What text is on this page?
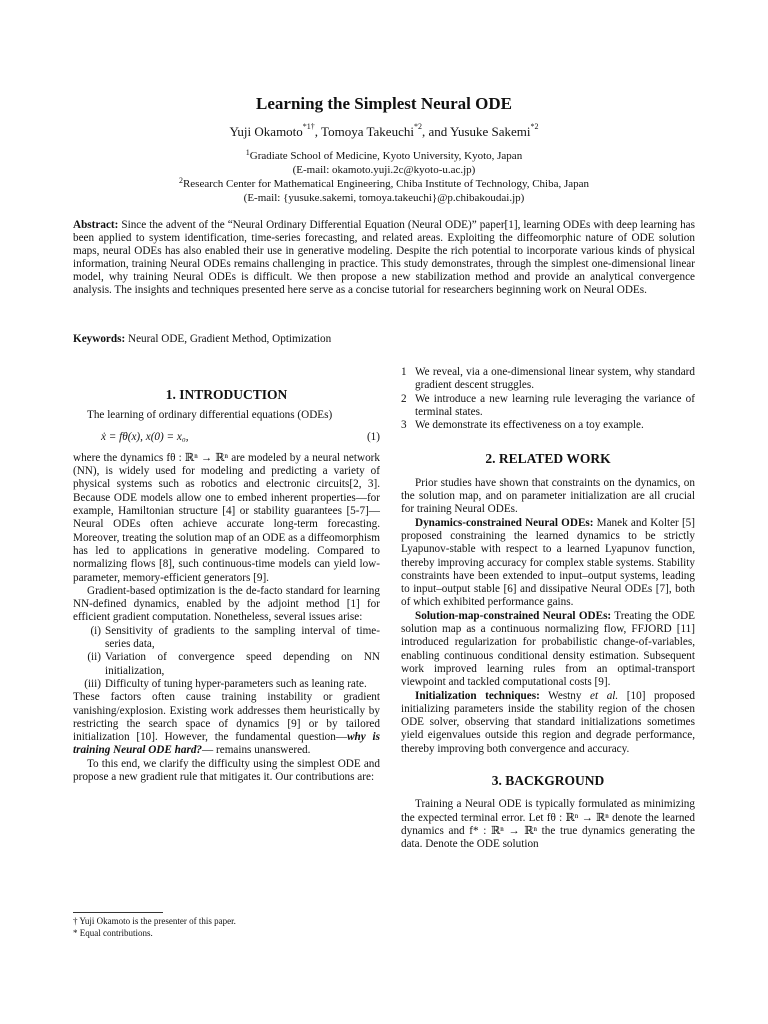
Learning the Simplest Neural ODE
Yuji Okamoto$^{*1\dagger}$, Tomoya Takeuchi$^{*2}$, and Yusuke Sakemi$^{*2}$
$^1$Gradiate School of Medicine, Kyoto University, Kyoto, Japan
(E-mail: okamoto.yuji.2c@kyoto-u.ac.jp)
$^2$Research Center for Mathematical Engineering, Chiba Institute of Technology, Chiba, Japan
(E-mail: {yusuke.sakemi, tomoya.takeuchi}@p.chibakoudai.jp)
Abstract: Since the advent of the “Neural Ordinary Differential Equation (Neural ODE)” paper[1], learning ODEs with deep learning has been applied to system identification, time-series forecasting, and related areas. Exploiting the diffeomorphic nature of ODE solution maps, neural ODEs has also enabled their use in generative modeling. Despite the rich potential to incorporate various kinds of physical information, training Neural ODEs remains challenging in practice. This study demonstrates, through the simplest one-dimensional linear model, why training Neural ODEs is difficult. We then propose a new stabilization method and provide an analytical convergence analysis. The insights and techniques presented here serve as a concise tutorial for researchers beginning work on Neural ODEs.
Keywords: Neural ODE, Gradient Method, Optimization
1. INTRODUCTION
The learning of ordinary differential equations (ODEs)
ẋ = fθ(x), x(0) = x₀,	(1)
where the dynamics fθ : ℝⁿ → ℝⁿ are modeled by a neural network (NN), is widely used for modeling and predicting a variety of physical systems such as robotics and electronic circuits[2, 3]. Because ODE models allow one to embed inherent properties—for example, Hamiltonian structure [4] or stability guarantees [5-7]—Neural ODEs often achieve accurate long-term forecasting. Moreover, treating the solution map of an ODE as a diffeomorphism has led to applications in generative modeling. Compared to normalizing flows [8], such continuous-time models can yield low-parameter, memory-efficient generators [9].
Gradient-based optimization is the de-facto standard for learning NN-defined dynamics, enabled by the adjoint method [1] for efficient gradient computation. Nonetheless, several issues arise:
(i) Sensitivity of gradients to the sampling interval of time-series data,
(ii) Variation of convergence speed depending on NN initialization,
(iii) Difficulty of tuning hyper-parameters such as leaning rate.
These factors often cause training instability or gradient vanishing/explosion. Existing work addresses them heuristically by restricting the search space of dynamics [9] or by tailored initialization [10]. However, the fundamental question—why is training Neural ODE hard?— remains unanswered.
To this end, we clarify the difficulty using the simplest ODE and propose a new gradient rule that mitigates it. Our contributions are:
† Yuji Okamoto is the presenter of this paper.
* Equal contributions.
1 We reveal, via a one-dimensional linear system, why standard gradient descent struggles.
2 We introduce a new learning rule leveraging the variance of terminal states.
3 We demonstrate its effectiveness on a toy example.
2. RELATED WORK
Prior studies have shown that constraints on the dynamics, on the solution map, and on parameter initialization are all crucial for training Neural ODEs.
Dynamics-constrained Neural ODEs: Manek and Kolter [5] proposed constraining the learned dynamics to be strictly Lyapunov-stable with respect to a learned Lyapunov function, thereby improving accuracy for complex stable systems. Stability constraints have been extended to input–output systems, leading to input–output stable [6] and dissipative Neural ODEs [7], both of which exhibited performance gains.
Solution-map-constrained Neural ODEs: Treating the ODE solution map as a continuous normalizing flow, FFJORD [11] introduced regularization for probabilistic change-of-variables, enabling continuous conditional density estimation. Subsequent work improved learning rules from an optimal-transport viewpoint and tackled computational costs [9].
Initialization techniques: Westny et al. [10] proposed initializing parameters inside the stability region of the chosen ODE solver, observing that standard initializations sometimes yield eigenvalues outside this region and degrade performance, thereby improving both convergence and accuracy.
3. BACKGROUND
Training a Neural ODE is typically formulated as minimizing the expected terminal error. Let fθ : ℝⁿ → ℝⁿ denote the learned dynamics and f* : ℝⁿ → ℝⁿ the true dynamics generating the data. Denote the ODE solution
